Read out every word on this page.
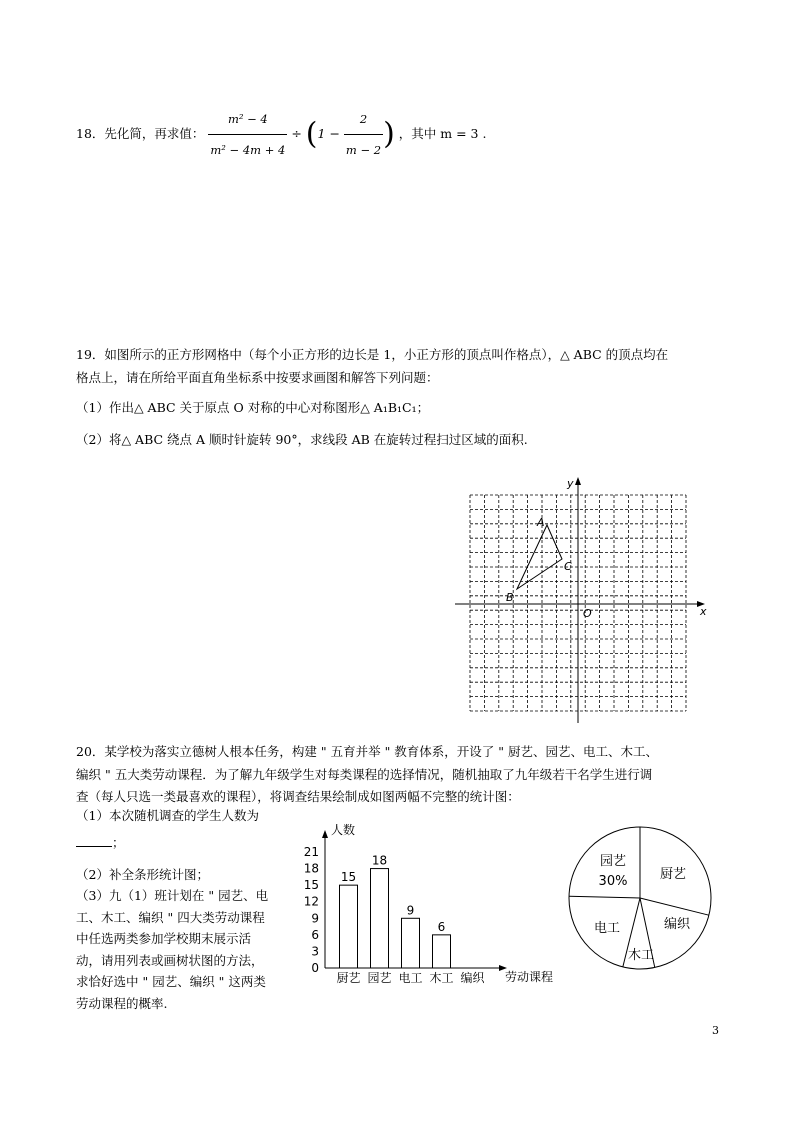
18．先化简，再求值： $\frac{\text{m² − 4}}{\text{m² − 4m + 4}} \div (1 - \frac{2}{m - 2}$ ) ，其中 m = 3 .
19．如图所示的正方形网格中（每个小正方形的边长是 1，小正方形的顶点叫作格点），△ ABC 的顶点均在
格点上，请在所给平面直角坐标系中按要求画图和解答下列问题：
（1）作出△ ABC 关于原点 O 对称的中心对称图形△ A₁B₁C₁；
（2）将△ ABC 绕点 A 顺时针旋转 90°，求线段 AB 在旋转过程扫过区域的面积.
x
y
O
A
B
C
20．某学校为落实立德树人根本任务，构建 " 五育并举 " 教育体系，开设了 " 厨艺、园艺、电工、木工、
编织 " 五大类劳动课程．为了解九年级学生对每类课程的选择情况，随机抽取了九年级若干名学生进行调
查（每人只选一类最喜欢的课程），将调查结果绘制成如图两幅不完整的统计图：
（1）本次随机调查的学生人数为
；
（2）补全条形统计图；
（3）九（1）班计划在 " 园艺、电
工、木工、编织 " 四大类劳动课程
中任选两类参加学校期末展示活
动，请用列表或画树状图的方法，
求恰好选中 " 园艺、编织 " 这两类
劳动课程的概率.
人数
劳动课程
0
3
6
9
12
15
18
21
厨艺
15
园艺
18
电工
9
木工
6
编织
园艺
30%	厨艺
编织
木工
电工
3
